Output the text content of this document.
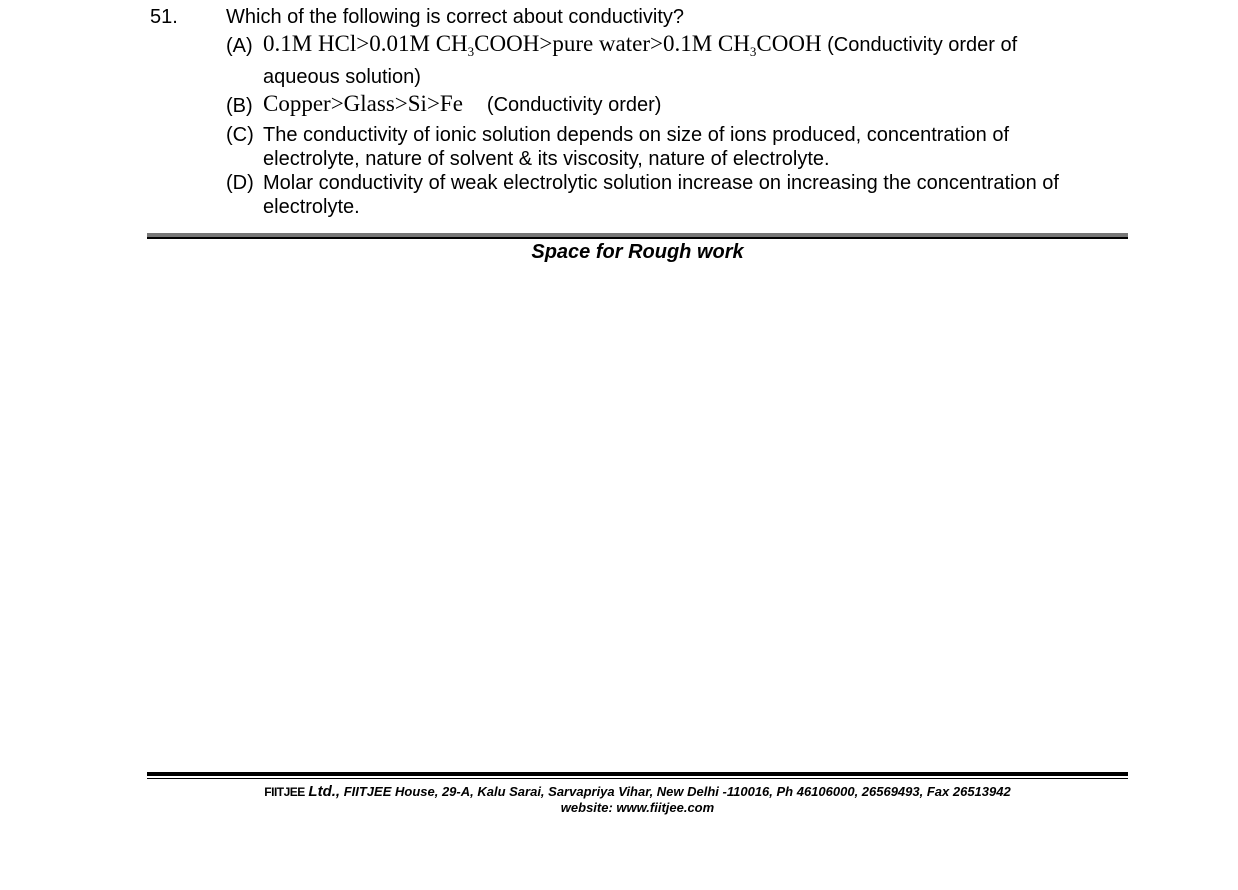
51. Which of the following is correct about conductivity?
(A) 0.1M HCl>0.01M $CH_3COOH>pure$ water>0.1M $CH_3COOH$ (Conductivity order of
aqueous solution)
(B) Copper>Glass>Si>Fe (Conductivity order)
(C) The conductivity of ionic solution depends on size of ions produced, concentration of
electrolyte, nature of solvent & its viscosity, nature of electrolyte.
(D) Molar conductivity of weak electrolytic solution increase on increasing the concentration of
electrolyte.
Space for Rough work
FIITJEE Ltd., FIITJEE House, 29-A, Kalu Sarai, Sarvapriya Vihar, New Delhi -110016, Ph 46106000, 26569493, Fax 26513942
website: www.fiitjee.com
